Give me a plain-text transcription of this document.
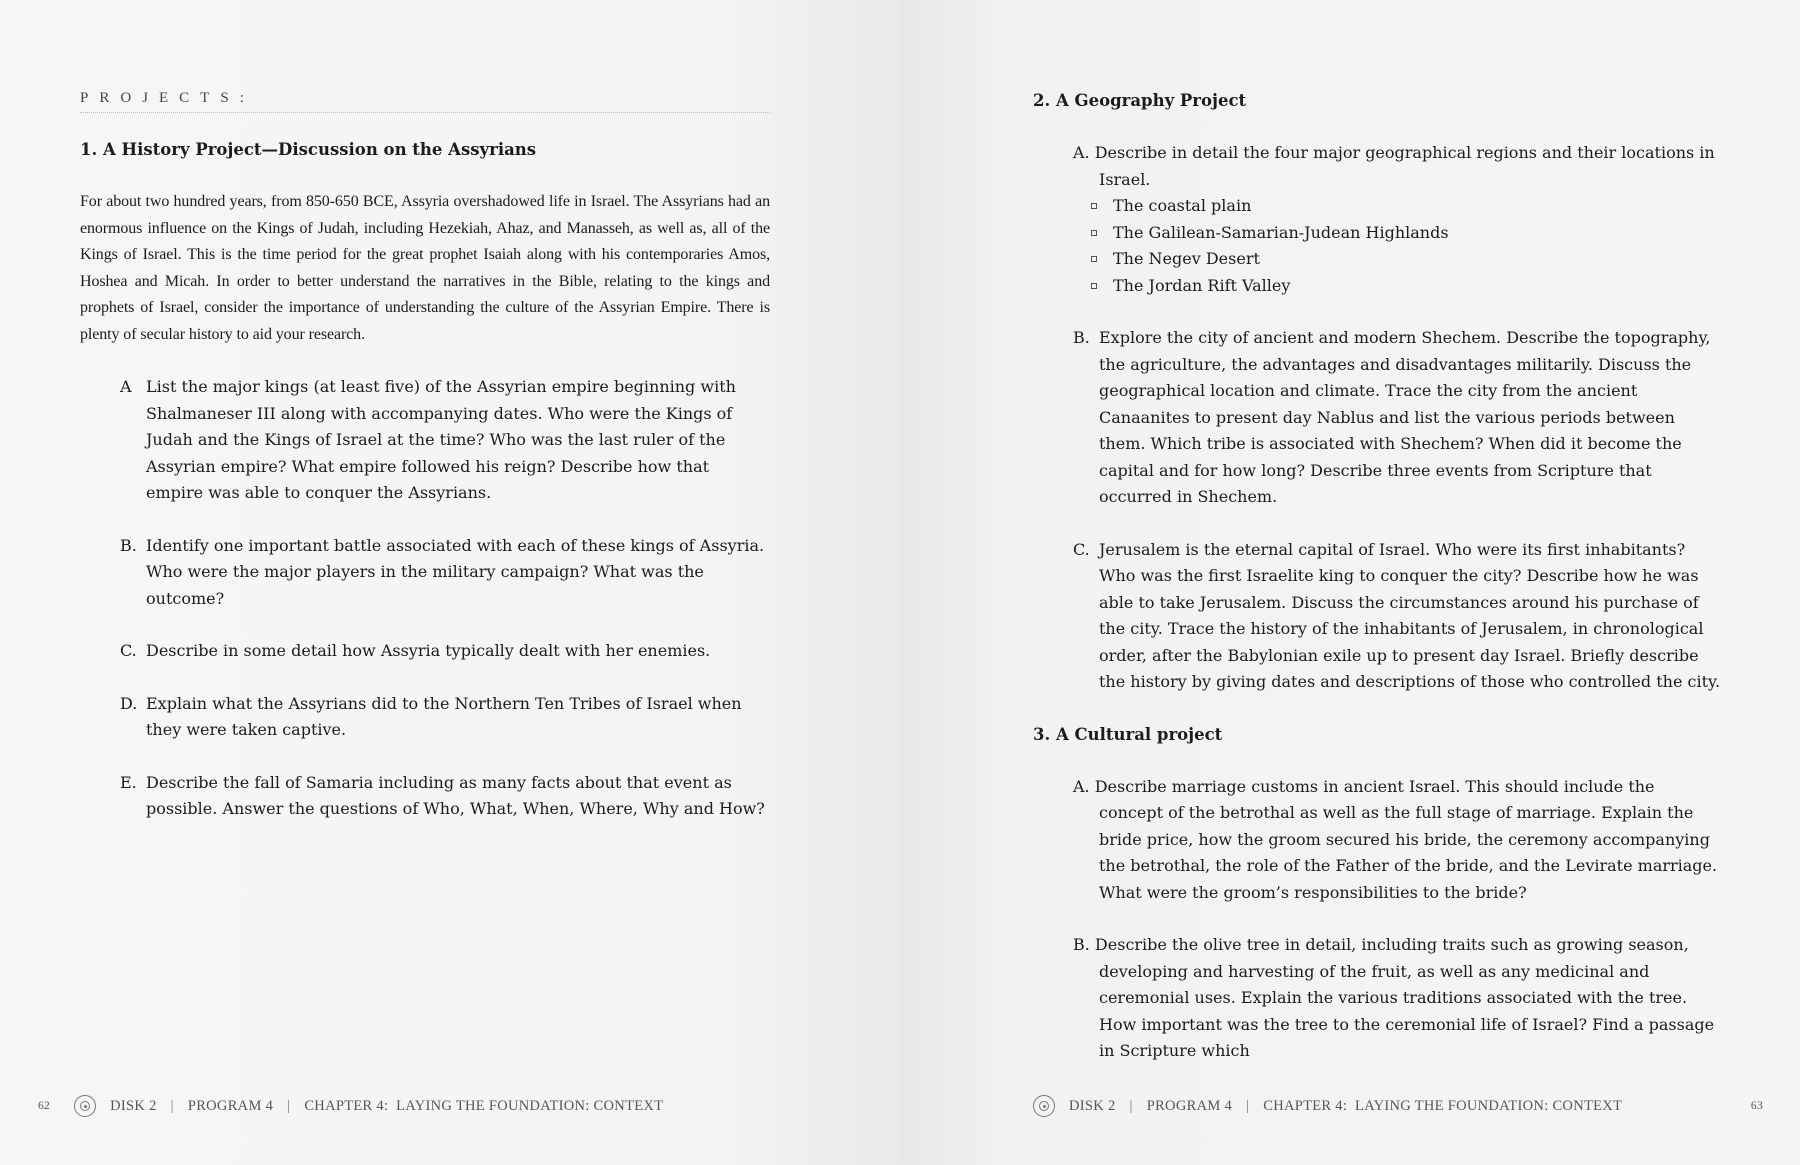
PROJECTS:
1. A History Project—Discussion on the Assyrians

For about two hundred years, from 850-650 BCE, Assyria overshadowed life in Israel. The Assyrians had an enormous influence on the Kings of Judah, including Hezekiah, Ahaz, and Manasseh, as well as, all of the Kings of Israel. This is the time period for the great prophet Isaiah along with his contemporaries Amos, Hoshea and Micah. In order to better understand the narratives in the Bible, relating to the kings and prophets of Israel, consider the importance of understanding the culture of the Assyrian Empire. There is plenty of secular history to aid your research.

A List the major kings (at least five) of the Assyrian empire beginning with Shalmaneser III along with accompanying dates. Who were the Kings of Judah and the Kings of Israel at the time? Who was the last ruler of the Assyrian empire? What empire followed his reign? Describe how that empire was able to conquer the Assyrians.
B. Identify one important battle associated with each of these kings of Assyria. Who were the major players in the military campaign? What was the outcome?
C. Describe in some detail how Assyria typically dealt with her enemies.
D. Explain what the Assyrians did to the Northern Ten Tribes of Israel when they were taken captive.
E. Describe the fall of Samaria including as many facts about that event as possible. Answer the questions of Who, What, When, Where, Why and How?
62	DISK 2 | PROGRAM 4 | CHAPTER 4:  LAYING THE FOUNDATION: CONTEXT
2. A Geography Project
A. Describe in detail the four major geographical regions and their locations in Israel.
The coastal plain
The Galilean-Samarian-Judean Highlands
The Negev Desert
The Jordan Rift Valley
B. Explore the city of ancient and modern Shechem. Describe the topography, the agriculture, the advantages and disadvantages militarily. Discuss the geographical location and climate. Trace the city from the ancient Canaanites to present day Nablus and list the various periods between them. Which tribe is associated with Shechem? When did it become the capital and for how long? Describe three events from Scripture that occurred in Shechem.
C. Jerusalem is the eternal capital of Israel. Who were its first inhabitants? Who was the first Israelite king to conquer the city? Describe how he was able to take Jerusalem. Discuss the circumstances around his purchase of the city. Trace the history of the inhabitants of Jerusalem, in chronological order, after the Babylonian exile up to present day Israel. Briefly describe the history by giving dates and descriptions of those who controlled the city.
3. A Cultural project
A. Describe marriage customs in ancient Israel. This should include the concept of the betrothal as well as the full stage of marriage. Explain the bride price, how the groom secured his bride, the ceremony accompanying the betrothal, the role of the Father of the bride, and the Levirate marriage. What were the groom’s responsibilities to the bride?
B. Describe the olive tree in detail, including traits such as growing season, developing and harvesting of the fruit, as well as any medicinal and ceremonial uses. Explain the various traditions associated with the tree. How important was the tree to the ceremonial life of Israel? Find a passage in Scripture which
DISK 2 | PROGRAM 4 | CHAPTER 4:  LAYING THE FOUNDATION: CONTEXT	63
